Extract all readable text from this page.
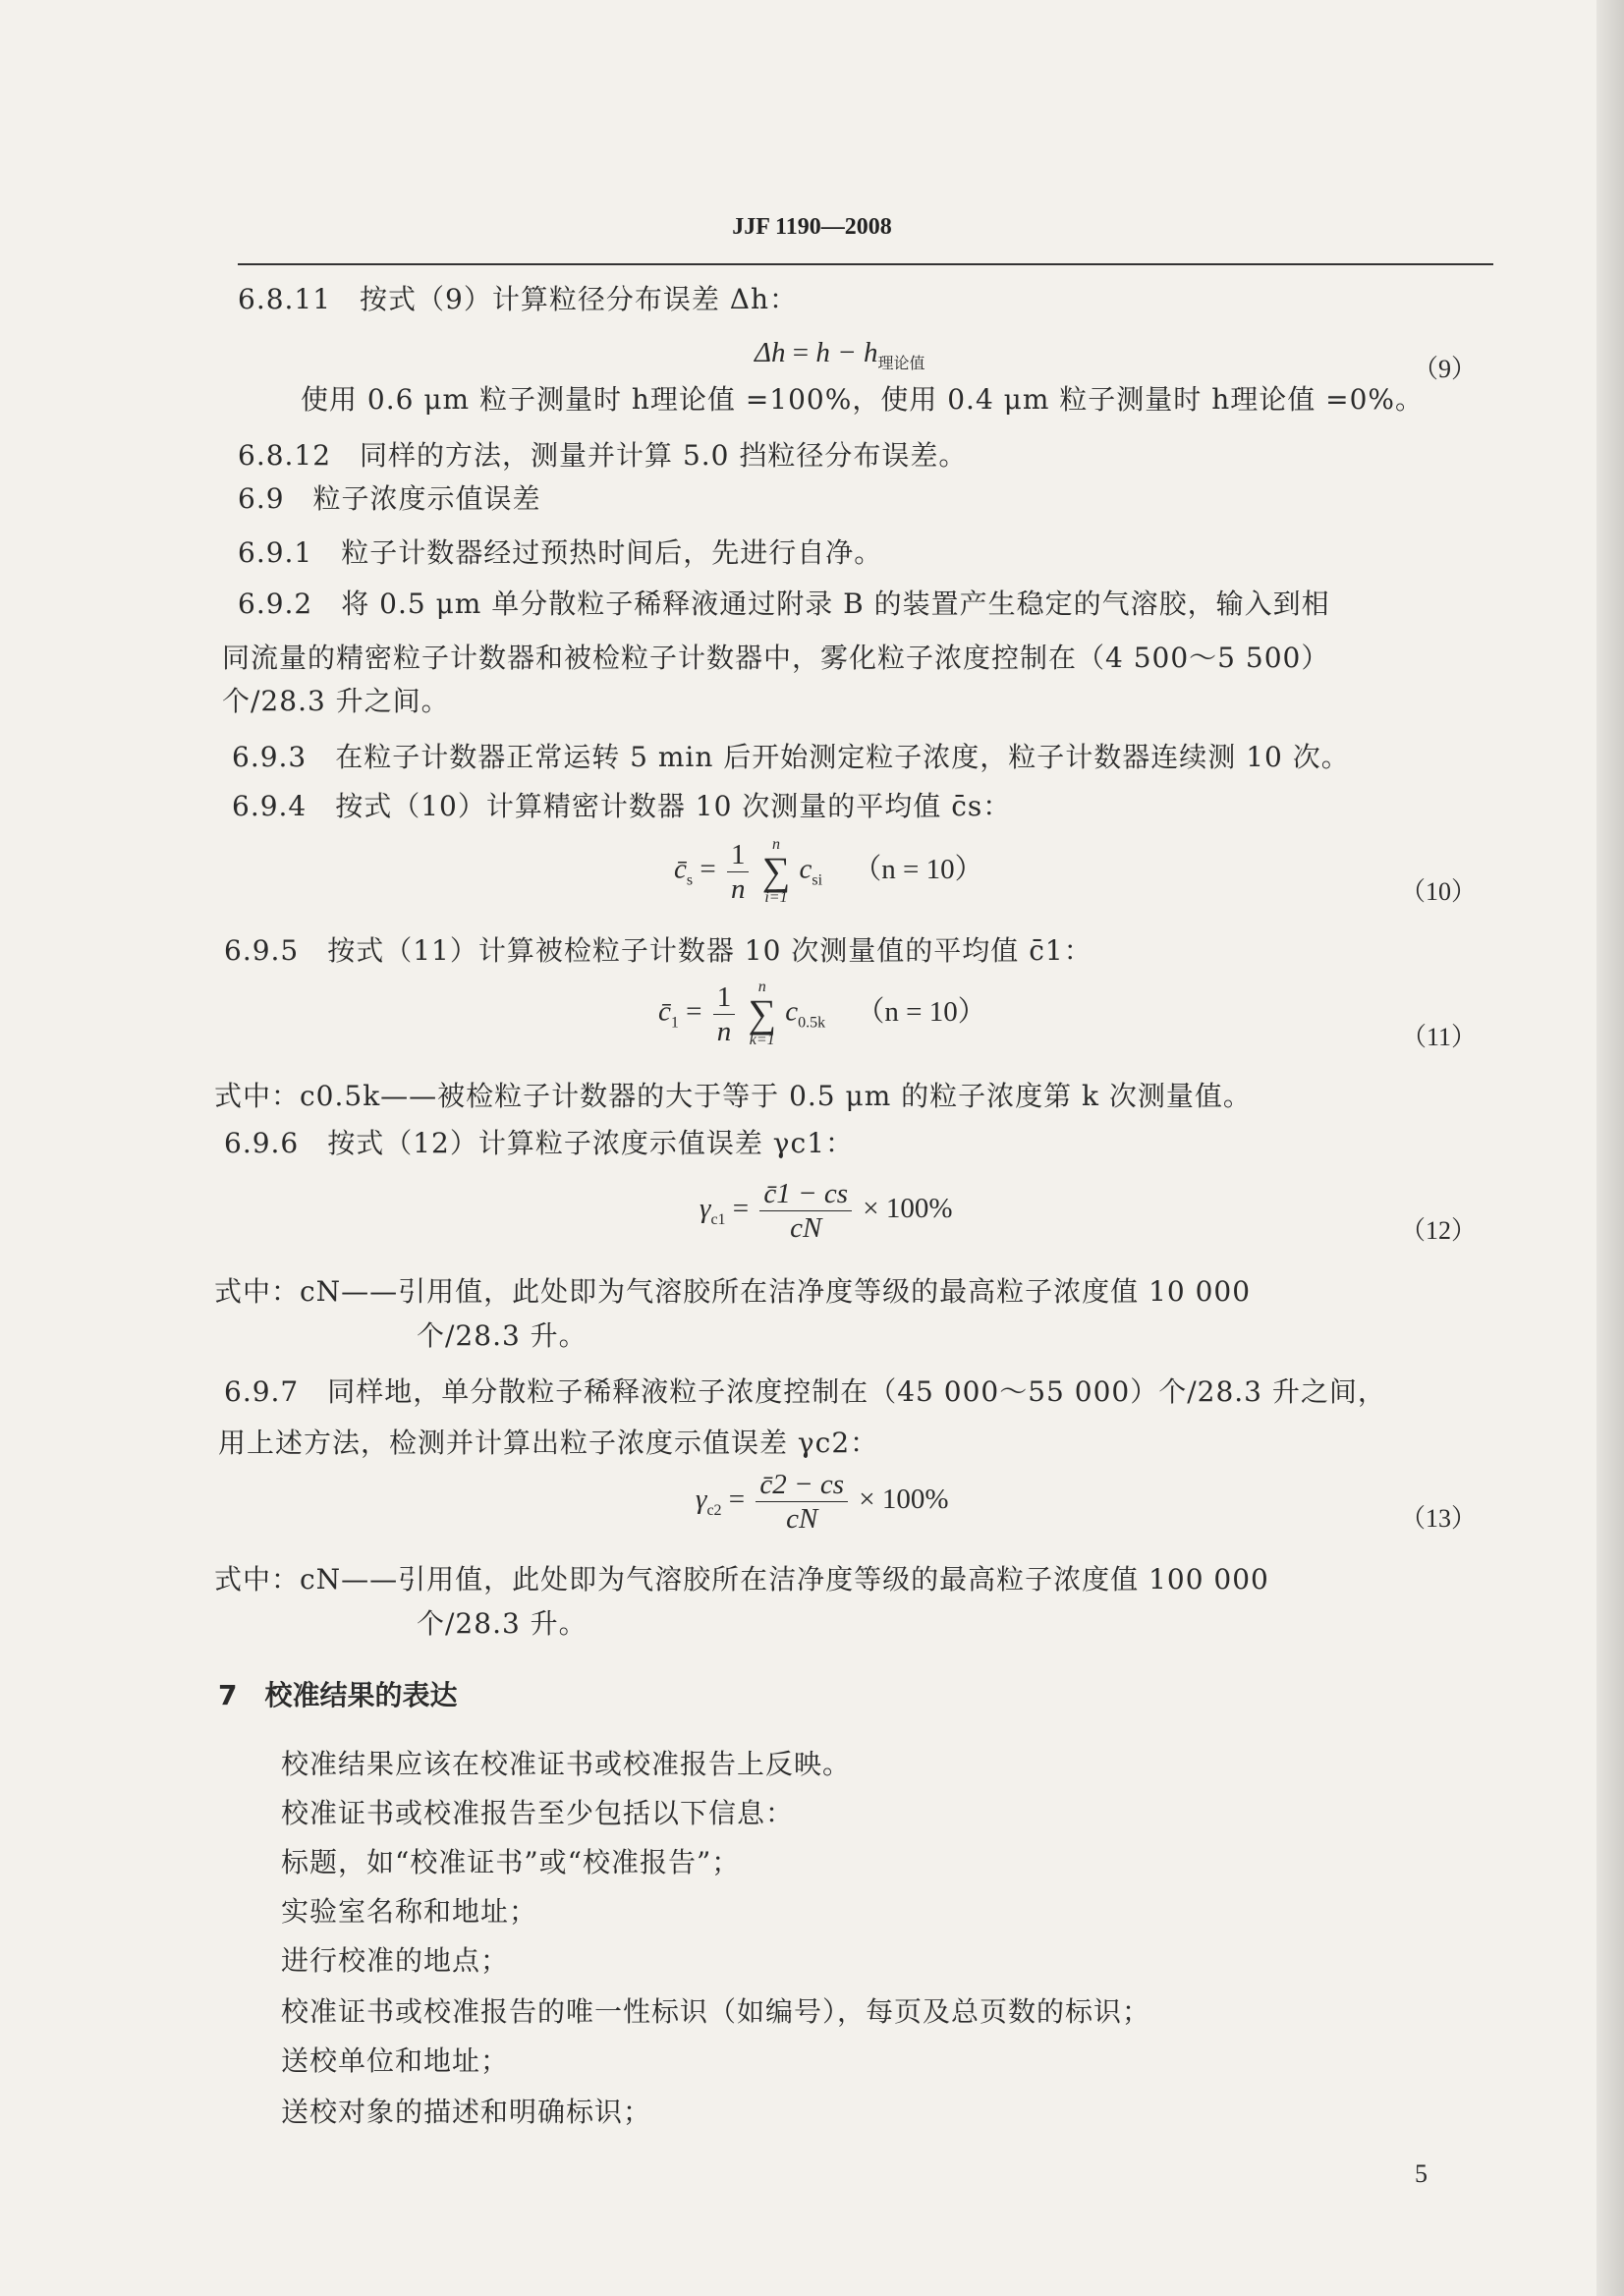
JJF 1190—2008
6.8.11　按式（9）计算粒径分布误差 Δh：
$\Delta h = h - h_{理论值}$	（9）
使用 0.6 μm 粒子测量时 h理论值 =100%，使用 0.4 μm 粒子测量时 h理论值 =0%。
6.8.12　同样的方法，测量并计算 5.0 挡粒径分布误差。
6.9　粒子浓度示值误差
6.9.1　粒子计数器经过预热时间后，先进行自净。
6.9.2　将 0.5 μm 单分散粒子稀释液通过附录 B 的装置产生稳定的气溶胶，输入到相
同流量的精密粒子计数器和被检粒子计数器中，雾化粒子浓度控制在（4 500～5 500）
个/28.3 升之间。
6.9.3　在粒子计数器正常运转 5 min 后开始测定粒子浓度，粒子计数器连续测 10 次。
6.9.4　按式（10）计算精密计数器 10 次测量的平均值 c̄s：
$c̄_s = \frac{1}{n}$ n
∑
i=1 $c_{si}$ （n = 10）
（10）
6.9.5　按式（11）计算被检粒子计数器 10 次测量值的平均值 c̄1：
$c̄_1 = \frac{1}{n}$ n
∑
k=1 $c_{0.5k}$ （n = 10）
（11）
式中：c0.5k——被检粒子计数器的大于等于 0.5 μm 的粒子浓度第 k 次测量值。
6.9.6　按式（12）计算粒子浓度示值误差 γc1：
$\gamma_{c1} = \frac{c̄1 - cs}{cN} \times 100\%$
（12）
式中：cN——引用值，此处即为气溶胶所在洁净度等级的最高粒子浓度值 10 000
个/28.3 升。
6.9.7　同样地，单分散粒子稀释液粒子浓度控制在（45 000～55 000）个/28.3 升之间，
用上述方法，检测并计算出粒子浓度示值误差 γc2：
$\gamma_{c2} = \frac{c̄2 - cs}{cN} \times 100\%$
（13）
式中：cN——引用值，此处即为气溶胶所在洁净度等级的最高粒子浓度值 100 000
个/28.3 升。
7　校准结果的表达
校准结果应该在校准证书或校准报告上反映。
校准证书或校准报告至少包括以下信息：
标题，如“校准证书”或“校准报告”；
实验室名称和地址；
进行校准的地点；
校准证书或校准报告的唯一性标识（如编号），每页及总页数的标识；
送校单位和地址；
送校对象的描述和明确标识；
5
